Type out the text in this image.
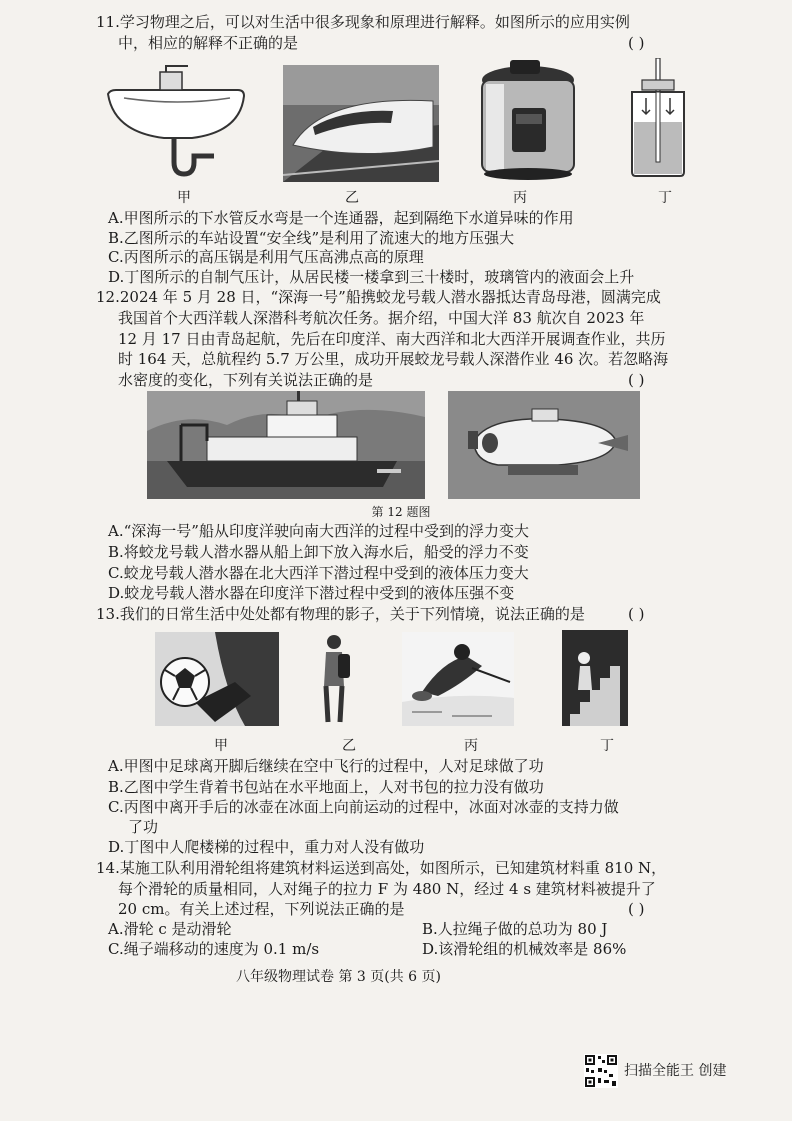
11.学习物理之后，可以对生活中很多现象和原理进行解释。如图所示的应用实例
中，相应的解释不正确的是	( )
甲	乙	丙	丁
A.甲图所示的下水管反水弯是一个连通器，起到隔绝下水道异味的作用
B.乙图所示的车站设置“安全线”是利用了流速大的地方压强大
C.丙图所示的高压锅是利用气压高沸点高的原理
D.丁图所示的自制气压计，从居民楼一楼拿到三十楼时，玻璃管内的液面会上升
12.2024 年 5 月 28 日，“深海一号”船携蛟龙号载人潜水器抵达青岛母港，圆满完成
我国首个大西洋载人深潜科考航次任务。据介绍，中国大洋 83 航次自 2023 年
12 月 17 日由青岛起航，先后在印度洋、南大西洋和北大西洋开展调查作业，共历
时 164 天，总航程约 5.7 万公里，成功开展蛟龙号载人深潜作业 46 次。若忽略海
水密度的变化，下列有关说法正确的是	( )
第 12 题图
A.“深海一号”船从印度洋驶向南大西洋的过程中受到的浮力变大
B.将蛟龙号载人潜水器从船上卸下放入海水后，船受的浮力不变
C.蛟龙号载人潜水器在北大西洋下潜过程中受到的液体压力变大
D.蛟龙号载人潜水器在印度洋下潜过程中受到的液体压强不变
13.我们的日常生活中处处都有物理的影子，关于下列情境，说法正确的是	( )
甲	乙	丙	丁
A.甲图中足球离开脚后继续在空中飞行的过程中，人对足球做了功
B.乙图中学生背着书包站在水平地面上，人对书包的拉力没有做功
C.丙图中离开手后的冰壶在冰面上向前运动的过程中，冰面对冰壶的支持力做
了功
D.丁图中人爬楼梯的过程中，重力对人没有做功
14.某施工队利用滑轮组将建筑材料运送到高处，如图所示，已知建筑材料重 810 N，
每个滑轮的质量相同，人对绳子的拉力 F 为 480 N，经过 4 s 建筑材料被提升了
20 cm。有关上述过程，下列说法正确的是	( )
A.滑轮 c 是动滑轮	B.人拉绳子做的总功为 80 J
C.绳子端移动的速度为 0.1 m/s	D.该滑轮组的机械效率是 86%
八年级物理试卷 第 3 页(共 6 页)
扫描全能王 创建
